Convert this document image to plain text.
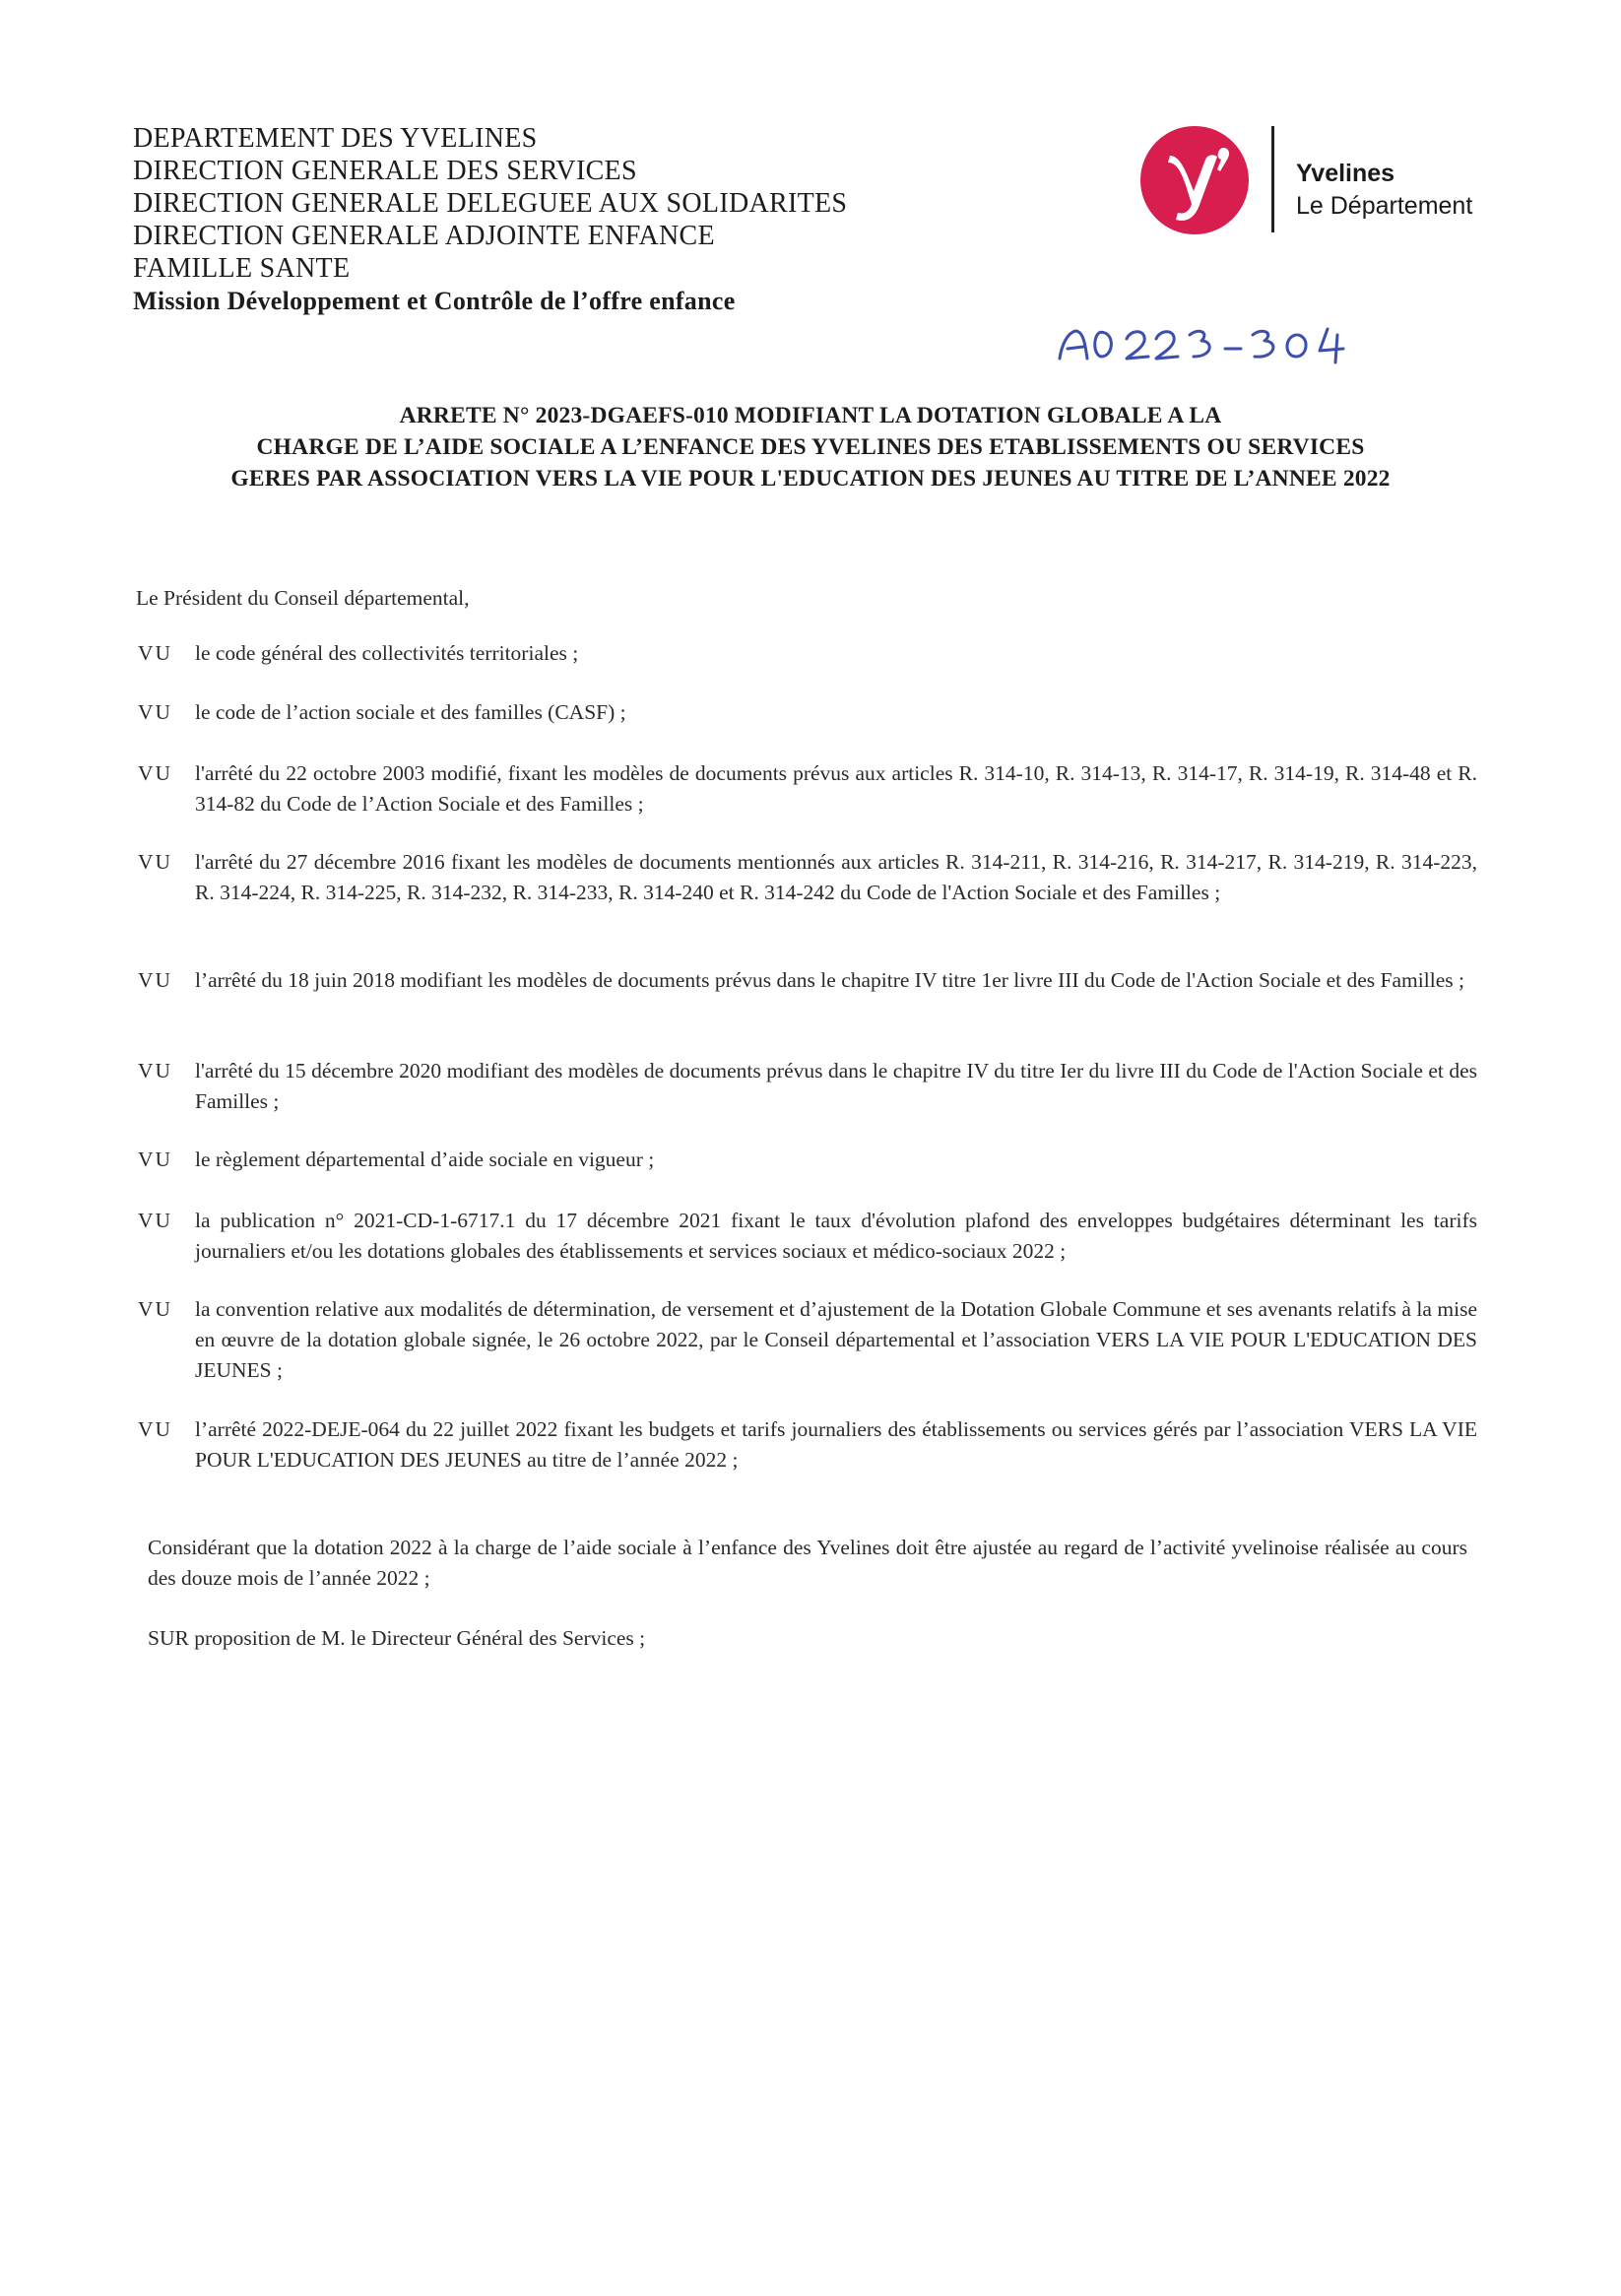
DEPARTEMENT DES YVELINES
DIRECTION GENERALE DES SERVICES
DIRECTION GENERALE DELEGUEE AUX SOLIDARITES
DIRECTION GENERALE ADJOINTE ENFANCE
FAMILLE SANTE
Mission Développement et Contrôle de l’offre enfance
Yvelines
Le Département
ARRETE N° 2023-DGAEFS-010 MODIFIANT LA DOTATION GLOBALE A LA
CHARGE DE L’AIDE SOCIALE A L’ENFANCE DES YVELINES DES ETABLISSEMENTS OU SERVICES
GERES PAR ASSOCIATION VERS LA VIE POUR L'EDUCATION DES JEUNES AU TITRE DE L’ANNEE 2022
Le Président du Conseil départemental,
VU le code général des collectivités territoriales ;
VU le code de l’action sociale et des familles (CASF) ;
VU l'arrêté du 22 octobre 2003 modifié, fixant les modèles de documents prévus aux articles R. 314-10, R. 314-13, R. 314-17, R. 314-19, R. 314-48 et R. 314-82 du Code de l’Action Sociale et des Familles ;
VU l'arrêté du 27 décembre 2016 fixant les modèles de documents mentionnés aux articles R. 314-211, R. 314-216, R. 314-217, R. 314-219, R. 314-223, R. 314-224, R. 314-225, R. 314-232, R. 314-233, R. 314-240 et R. 314-242 du Code de l'Action Sociale et des Familles ;
VU l’arrêté du 18 juin 2018 modifiant les modèles de documents prévus dans le chapitre IV titre 1er livre III du Code de l'Action Sociale et des Familles ;
VU l'arrêté du 15 décembre 2020 modifiant des modèles de documents prévus dans le chapitre IV du titre Ier du livre III du Code de l'Action Sociale et des Familles ;
VU le règlement départemental d’aide sociale en vigueur ;
VU la publication n° 2021-CD-1-6717.1 du 17 décembre 2021 fixant le taux d'évolution plafond des enveloppes budgétaires déterminant les tarifs journaliers et/ou les dotations globales des établissements et services sociaux et médico-sociaux 2022 ;
VU la convention relative aux modalités de détermination, de versement et d’ajustement de la Dotation Globale Commune et ses avenants relatifs à la mise en œuvre de la dotation globale signée, le 26 octobre 2022, par le Conseil départemental et l’association VERS LA VIE POUR L'EDUCATION DES JEUNES ;
VU l’arrêté 2022-DEJE-064 du 22 juillet 2022 fixant les budgets et tarifs journaliers des établissements ou services gérés par l’association VERS LA VIE POUR L'EDUCATION DES JEUNES au titre de l’année 2022 ;
Considérant que la dotation 2022 à la charge de l’aide sociale à l’enfance des Yvelines doit être ajustée au regard de l’activité yvelinoise réalisée au cours des douze mois de l’année 2022 ;
SUR proposition de M. le Directeur Général des Services ;
